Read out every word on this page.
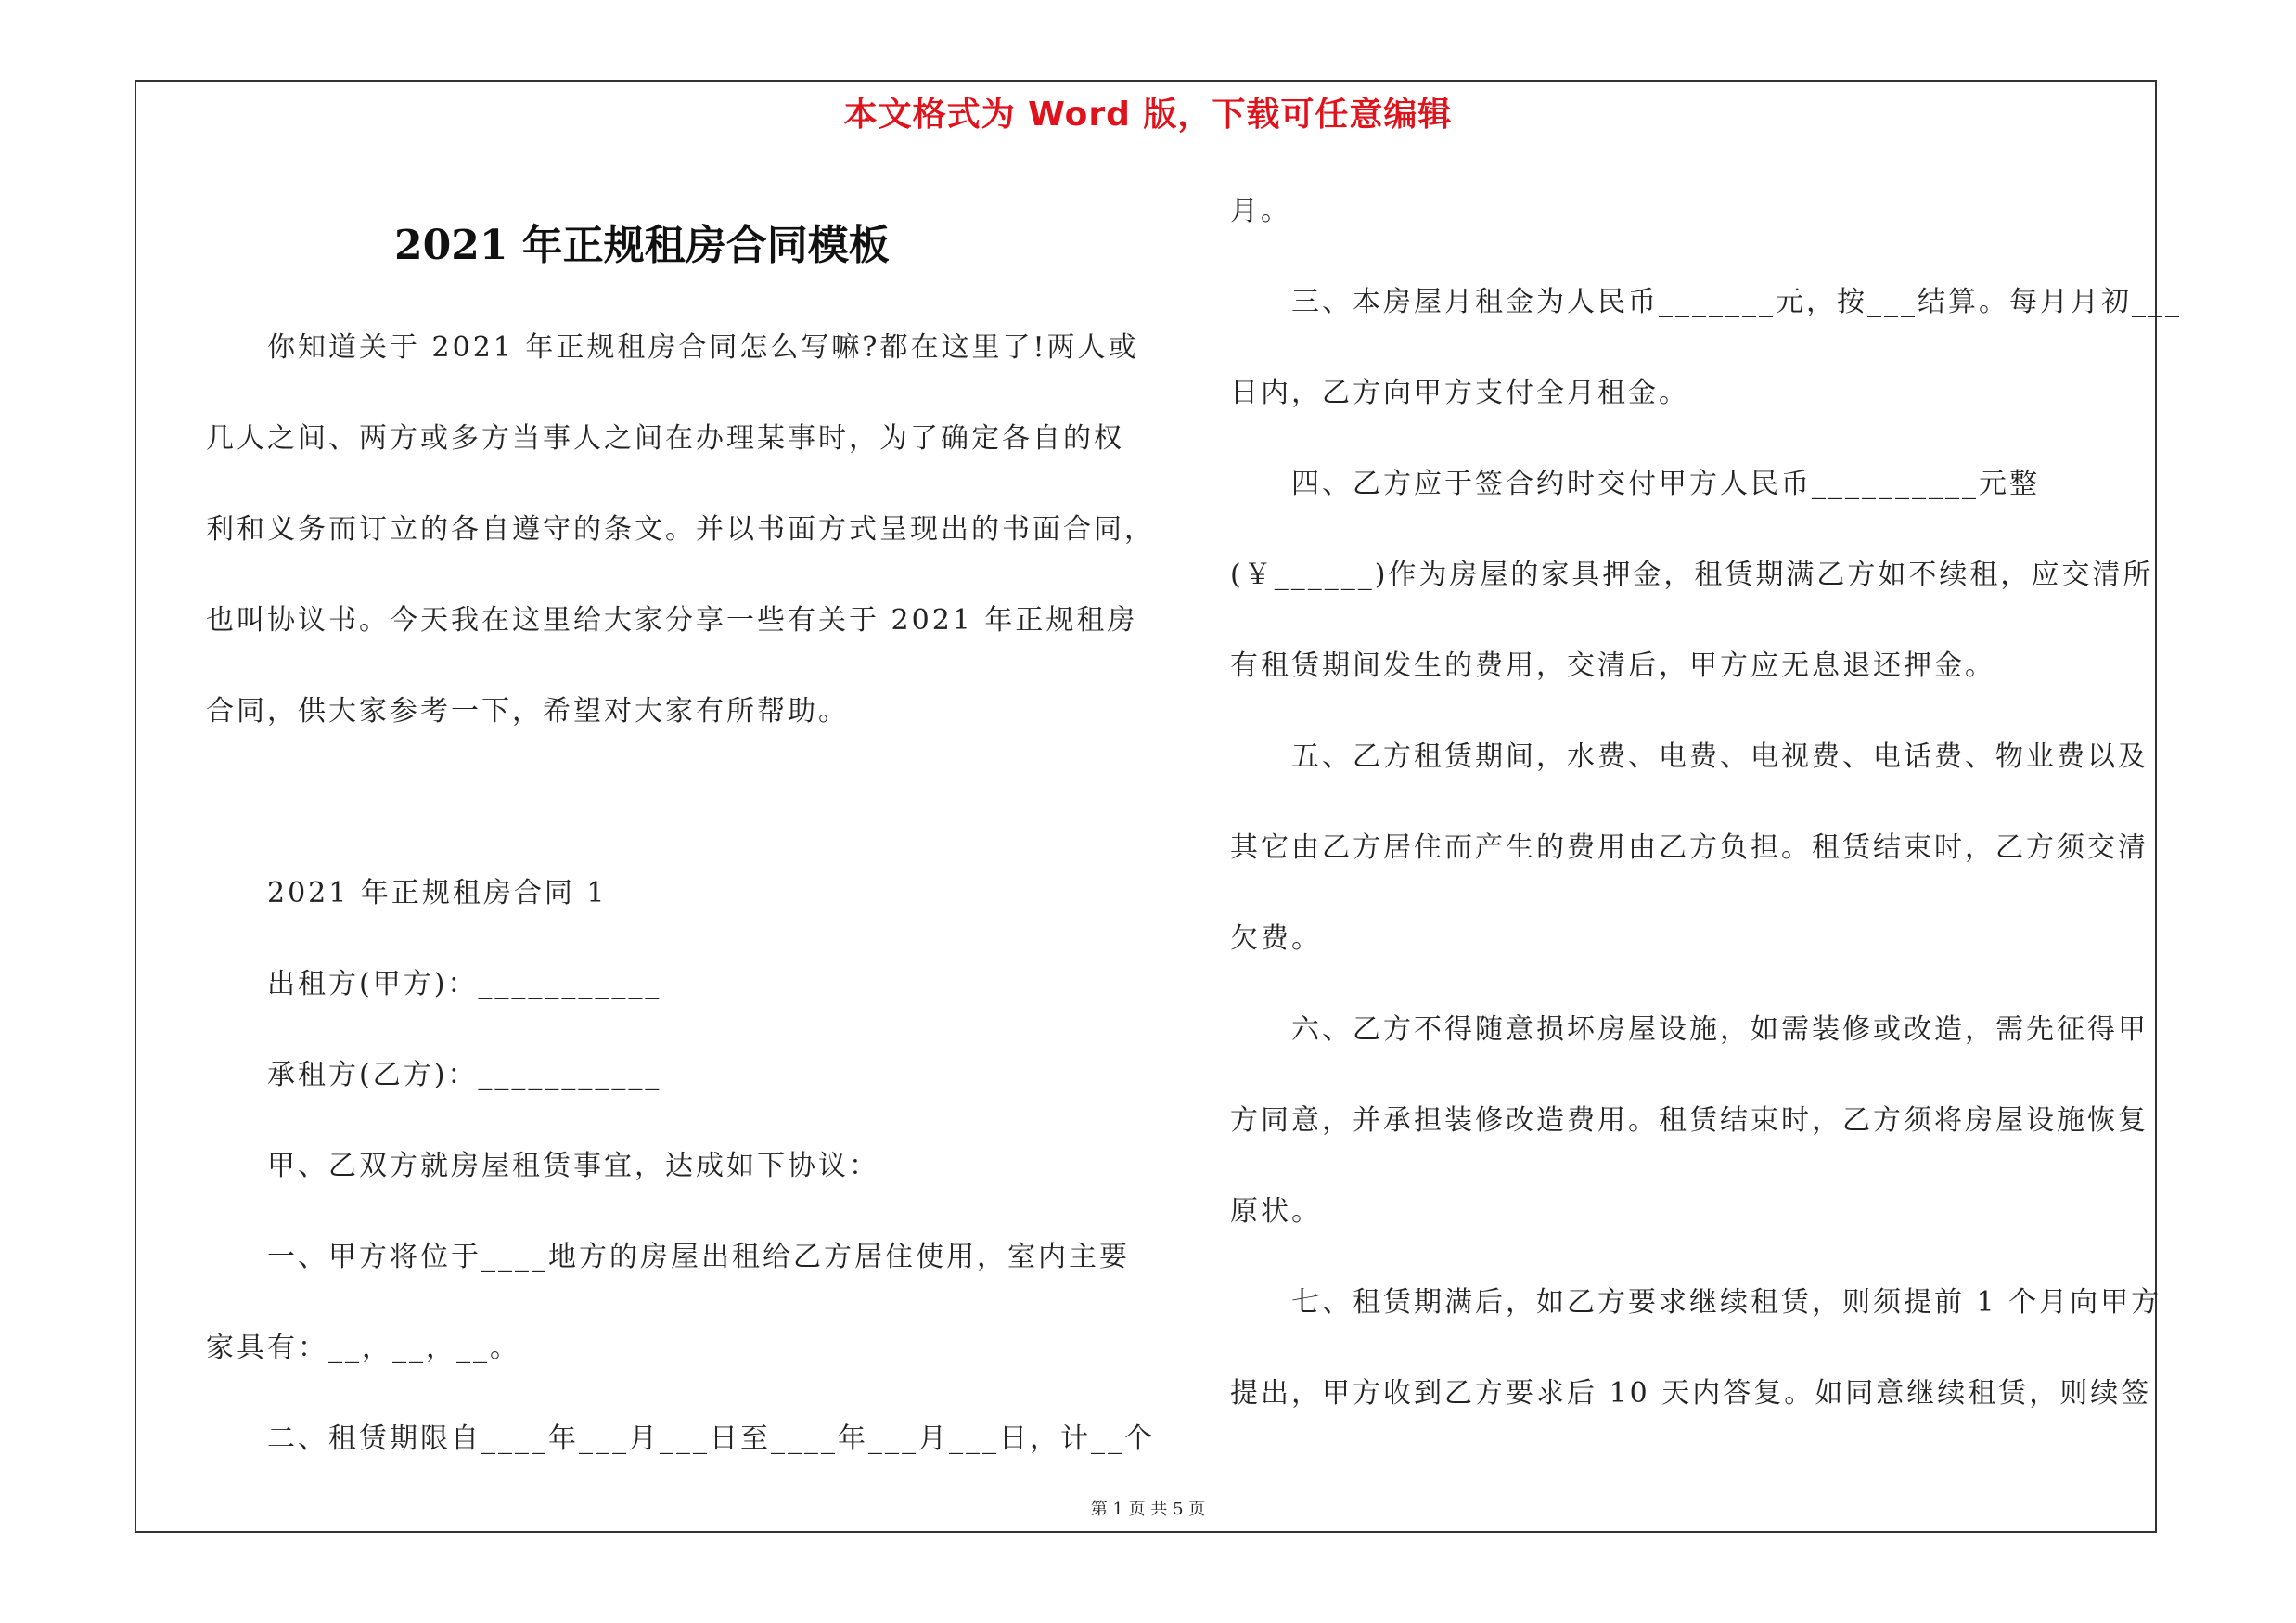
本文格式为 Word 版，下载可任意编辑
2021 年正规租房合同模板
你知道关于 2021 年正规租房合同怎么写嘛?都在这里了!两人或
几人之间、两方或多方当事人之间在办理某事时，为了确定各自的权
利和义务而订立的各自遵守的条文。并以书面方式呈现出的书面合同，
也叫协议书。今天我在这里给大家分享一些有关于 2021 年正规租房
合同，供大家参考一下，希望对大家有所帮助。
2021 年正规租房合同 1
出租方(甲方)：___________
承租方(乙方)：___________
甲、乙双方就房屋租赁事宜，达成如下协议：
一、甲方将位于____地方的房屋出租给乙方居住使用，室内主要
家具有：__，__，__。
二、租赁期限自____年___月___日至____年___月___日，计__个
月。
三、本房屋月租金为人民币_______元，按___结算。每月月初___
日内，乙方向甲方支付全月租金。
四、乙方应于签合约时交付甲方人民币__________元整
(￥______)作为房屋的家具押金，租赁期满乙方如不续租，应交清所
有租赁期间发生的费用，交清后，甲方应无息退还押金。
五、乙方租赁期间，水费、电费、电视费、电话费、物业费以及
其它由乙方居住而产生的费用由乙方负担。租赁结束时，乙方须交清
欠费。
六、乙方不得随意损坏房屋设施，如需装修或改造，需先征得甲
方同意，并承担装修改造费用。租赁结束时，乙方须将房屋设施恢复
原状。
七、租赁期满后，如乙方要求继续租赁，则须提前 1 个月向甲方
提出，甲方收到乙方要求后 10 天内答复。如同意继续租赁，则续签
第 1 页 共 5 页
